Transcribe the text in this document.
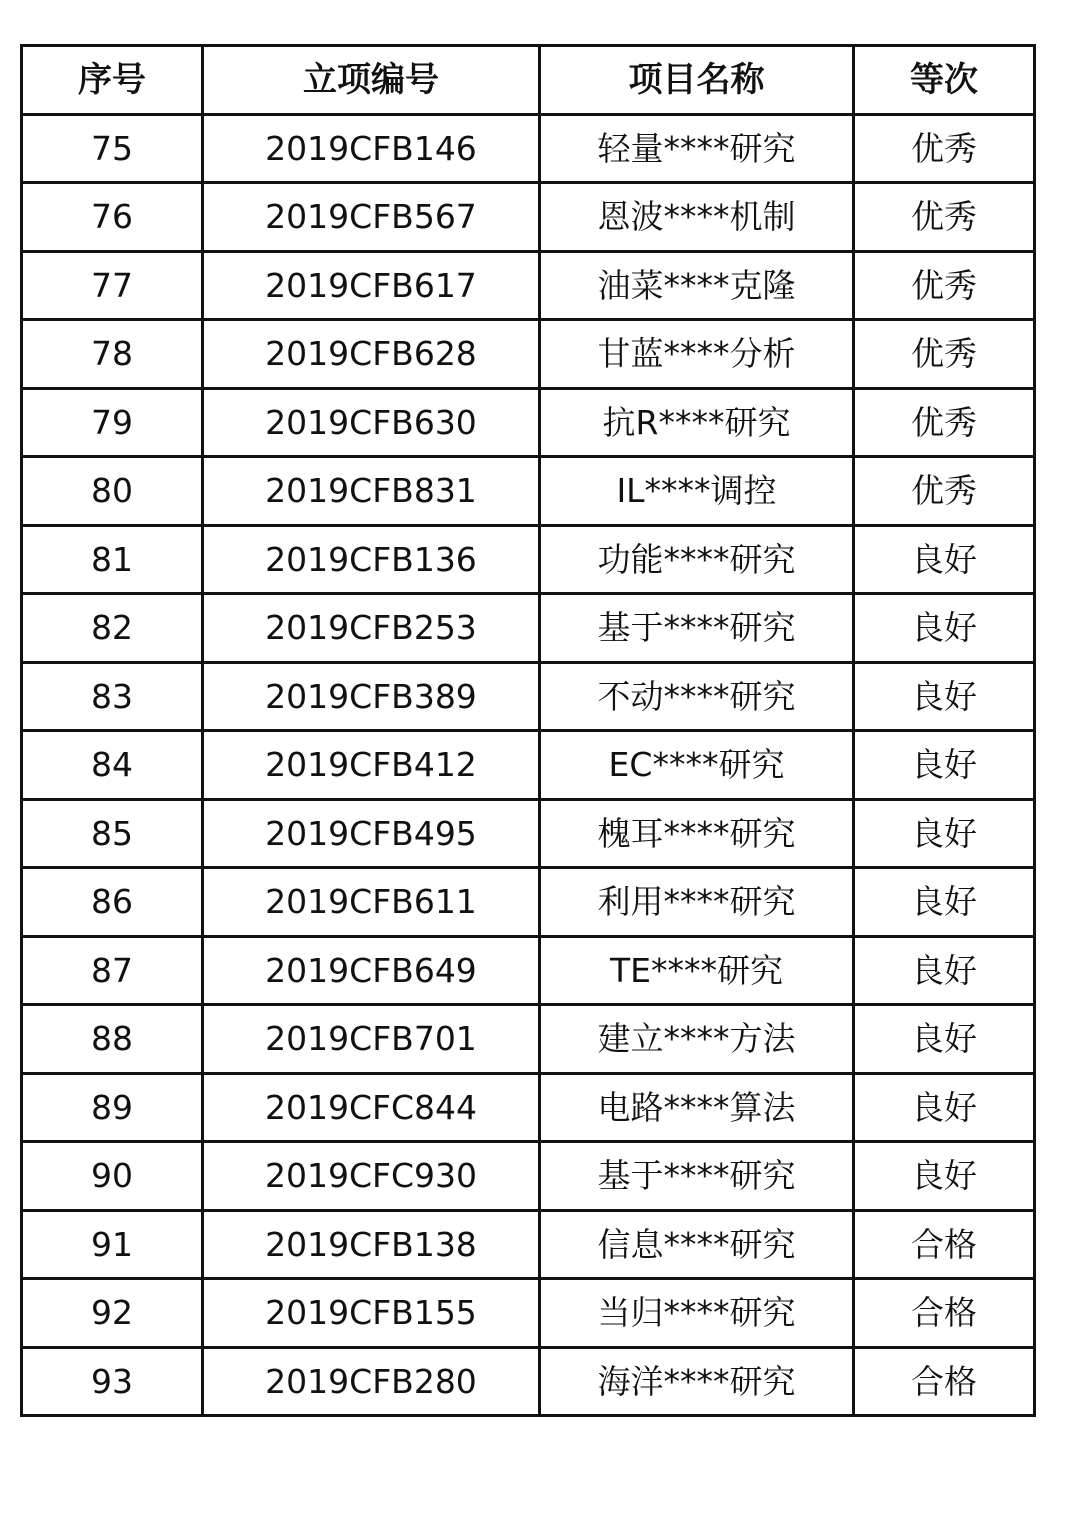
序号	立项编号	项目名称	等次
75	2019CFB146	轻量****研究	优秀
76	2019CFB567	恩波****机制	优秀
77	2019CFB617	油菜****克隆	优秀
78	2019CFB628	甘蓝****分析	优秀
79	2019CFB630	抗R****研究	优秀
80	2019CFB831	IL****调控	优秀
81	2019CFB136	功能****研究	良好
82	2019CFB253	基于****研究	良好
83	2019CFB389	不动****研究	良好
84	2019CFB412	EC****研究	良好
85	2019CFB495	槐耳****研究	良好
86	2019CFB611	利用****研究	良好
87	2019CFB649	TE****研究	良好
88	2019CFB701	建立****方法	良好
89	2019CFC844	电路****算法	良好
90	2019CFC930	基于****研究	良好
91	2019CFB138	信息****研究	合格
92	2019CFB155	当归****研究	合格
93	2019CFB280	海洋****研究	合格
